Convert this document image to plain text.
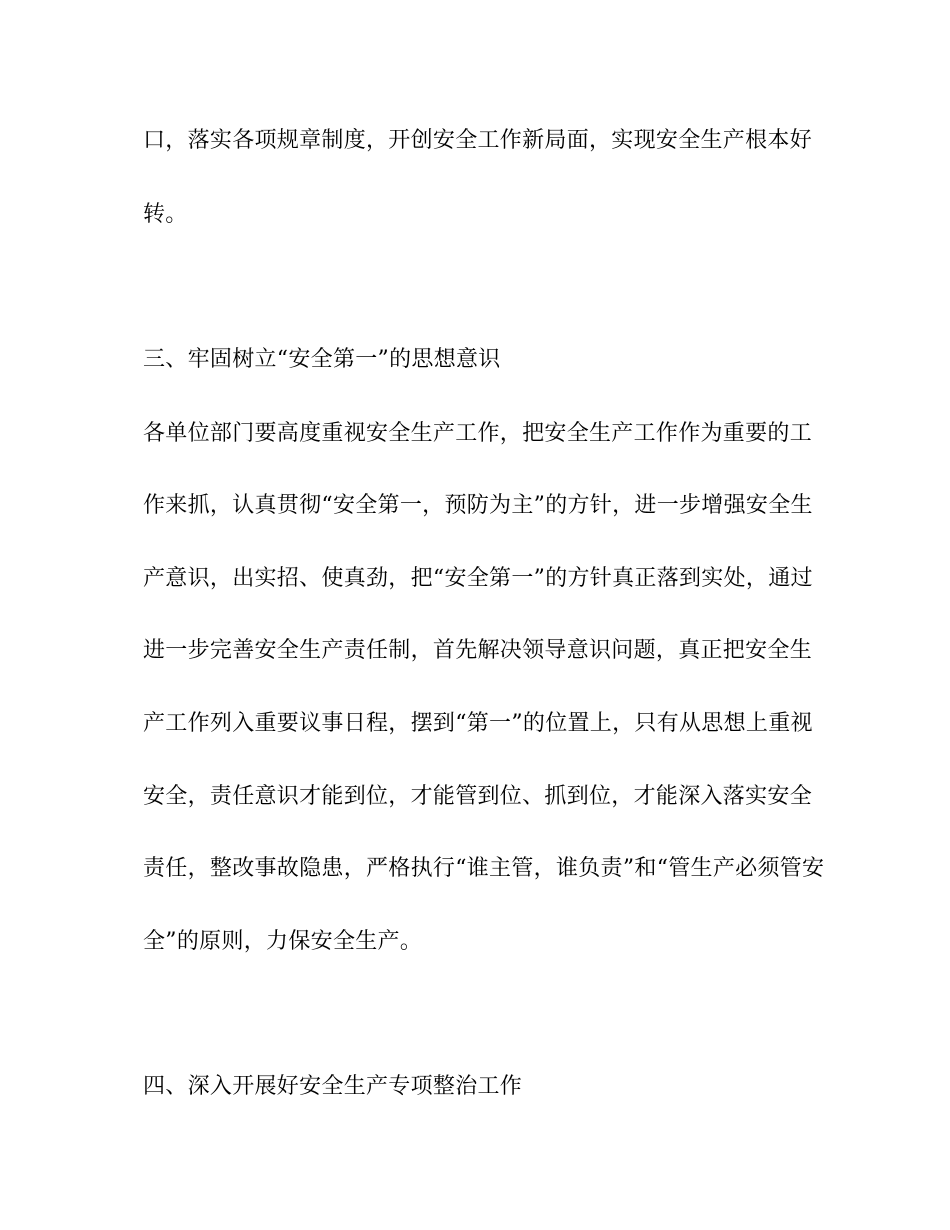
口，落实各项规章制度，开创安全工作新局面，实现安全生产根本好
转。
三、牢固树立“安全第一”的思想意识
各单位部门要高度重视安全生产工作，把安全生产工作作为重要的工
作来抓，认真贯彻“安全第一，预防为主”的方针，进一步增强安全生
产意识，出实招、使真劲，把“安全第一”的方针真正落到实处，通过
进一步完善安全生产责任制，首先解决领导意识问题，真正把安全生
产工作列入重要议事日程，摆到“第一”的位置上，只有从思想上重视
安全，责任意识才能到位，才能管到位、抓到位，才能深入落实安全
责任，整改事故隐患，严格执行“谁主管，谁负责”和“管生产必须管安
全”的原则，力保安全生产。
四、深入开展好安全生产专项整治工作
